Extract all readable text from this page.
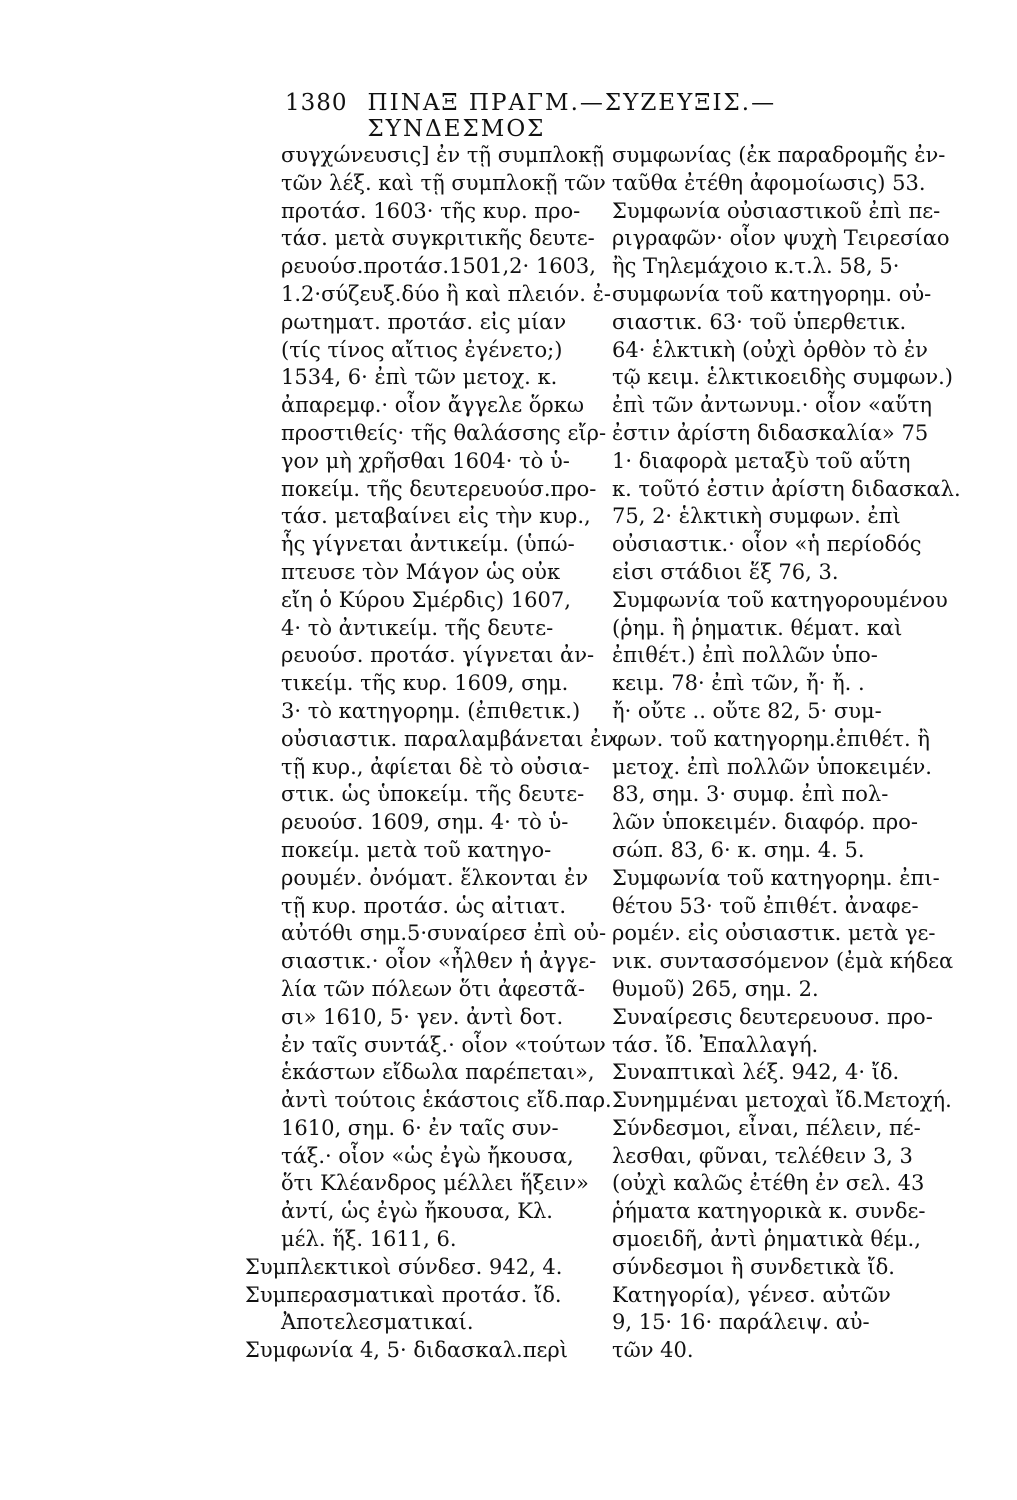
1380 ΠΙΝΑΞ ΠΡΑΓΜ.—ΣΥΖΕΥΞΙΣ.—ΣΥΝΔΕΣΜΟΣ
συγχώνευσις] ἐν τῇ συμπλοκῇ
τῶν λέξ. καὶ τῇ συμπλοκῇ τῶν
προτάσ. 1603· τῆς κυρ. προ-
τάσ. μετὰ συγκριτικῆς δευτε-
ρευούσ.προτάσ.1501,2· 1603,
1.2·σύζευξ.δύο ἢ καὶ πλειόν. ἐ-
ρωτηματ. προτάσ. εἰς μίαν
(τίς τίνος αἴτιος ἐγένετο;)
1534, 6· ἐπὶ τῶν μετοχ. κ.
ἀπαρεμφ.· οἷον ἄγγελε ὅρκω
προστιθείς· τῆς θαλάσσης εἴρ-
γον μὴ χρῆσθαι 1604· τὸ ὑ-
ποκείμ. τῆς δευτερευούσ.προ-
τάσ. μεταβαίνει εἰς τὴν κυρ.,
ἧς γίγνεται ἀντικείμ. (ὑπώ-
πτευσε τὸν Μάγον ὡς οὐκ
εἴη ὁ Κύρου Σμέρδις) 1607,
4· τὸ ἀντικείμ. τῆς δευτε-
ρευούσ. προτάσ. γίγνεται ἀν-
τικείμ. τῆς κυρ. 1609, σημ.
3· τὸ κατηγορημ. (ἐπιθετικ.)
οὐσιαστικ. παραλαμβάνεται ἐν
τῇ κυρ., ἀφίεται δὲ τὸ οὐσια-
στικ. ὡς ὑποκείμ. τῆς δευτε-
ρευούσ. 1609, σημ. 4· τὸ ὑ-
ποκείμ. μετὰ τοῦ κατηγο-
ρουμέν. ὀνόματ. ἕλκονται ἐν
τῇ κυρ. προτάσ. ὡς αἰτιατ.
αὐτόθι σημ.5·συναίρεσ ἐπὶ οὐ-
σιαστικ.· οἷον «ἦλθεν ἡ ἀγγε-
λία τῶν πόλεων ὅτι ἀφεστᾶ-
σι» 1610, 5· γεν. ἀντὶ δοτ.
ἐν ταῖς συντάξ.· οἷον «τούτων
ἑκάστων εἴδωλα παρέπεται»,
ἀντὶ τούτοις ἑκάστοις εἴδ.παρ.
1610, σημ. 6· ἐν ταῖς συν-
τάξ.· οἷον «ὡς ἐγὼ ἤκουσα,
ὅτι Κλέανδρος μέλλει ἥξειν»
ἀντί, ὡς ἐγὼ ἤκουσα, Κλ.
μέλ. ἥξ. 1611, 6.
Συμπλεκτικοὶ σύνδεσ. 942, 4.
Συμπερασματικαὶ προτάσ. ἴδ.
Ἀποτελεσματικαί.
Συμφωνία 4, 5· διδασκαλ.περὶ
συμφωνίας (ἐκ παραδρομῆς ἐν-
ταῦθα ἐτέθη ἀφομοίωσις) 53.
Συμφωνία οὐσιαστικοῦ ἐπὶ πε-
ριγραφῶν· οἷον ψυχὴ Τειρεσίαο
ἢς Τηλεμάχοιο κ.τ.λ. 58, 5·
συμφωνία τοῦ κατηγορημ. οὐ-
σιαστικ. 63· τοῦ ὑπερθετικ.
64· ἑλκτικὴ (οὐχὶ ὀρθὸν τὸ ἐν
τῷ κειμ. ἑλκτικοειδὴς συμφων.)
ἐπὶ τῶν ἀντωνυμ.· οἷον «αὕτη
ἐστιν ἀρίστη διδασκαλία» 75
1· διαφορὰ μεταξὺ τοῦ αὕτη
κ. τοῦτό ἐστιν ἀρίστη διδασκαλ.
75, 2· ἑλκτικὴ συμφων. ἐπὶ
οὐσιαστικ.· οἷον «ἡ περίοδός
εἰσι στάδιοι ἕξ 76, 3.
Συμφωνία τοῦ κατηγορουμένου
(ῥημ. ἢ ῥηματικ. θέματ. καὶ
ἐπιθέτ.) ἐπὶ πολλῶν ὑπο-
κειμ. 78· ἐπὶ τῶν, ἤ· ἤ. .
ἤ· οὔτε .. οὔτε 82, 5· συμ-
φων. τοῦ κατηγορημ.ἐπιθέτ. ἢ
μετοχ. ἐπὶ πολλῶν ὑποκειμέν.
83, σημ. 3· συμφ. ἐπὶ πολ-
λῶν ὑποκειμέν. διαφόρ. προ-
σώπ. 83, 6· κ. σημ. 4. 5.
Συμφωνία τοῦ κατηγορημ. ἐπι-
θέτου 53· τοῦ ἐπιθέτ. ἀναφε-
ρομέν. εἰς οὐσιαστικ. μετὰ γε-
νικ. συντασσόμενον (ἐμὰ κήδεα
θυμοῦ) 265, σημ. 2.
Συναίρεσις δευτερευουσ. προ-
τάσ. ἴδ. Ἐπαλλαγή.
Συναπτικαὶ λέξ. 942, 4· ἴδ.
Συνημμέναι μετοχαὶ ἴδ.Μετοχή.
Σύνδεσμοι, εἶναι, πέλειν, πέ-
λεσθαι, φῦναι, τελέθειν 3, 3
(οὐχὶ καλῶς ἐτέθη ἐν σελ. 43
ῥήματα κατηγορικὰ κ. συνδε-
σμοειδῆ, ἀντὶ ῥηματικὰ θέμ.,
σύνδεσμοι ἢ συνδετικὰ ἴδ.
Κατηγορία), γένεσ. αὐτῶν
9, 15· 16· παράλειψ. αὐ-
τῶν 40.
